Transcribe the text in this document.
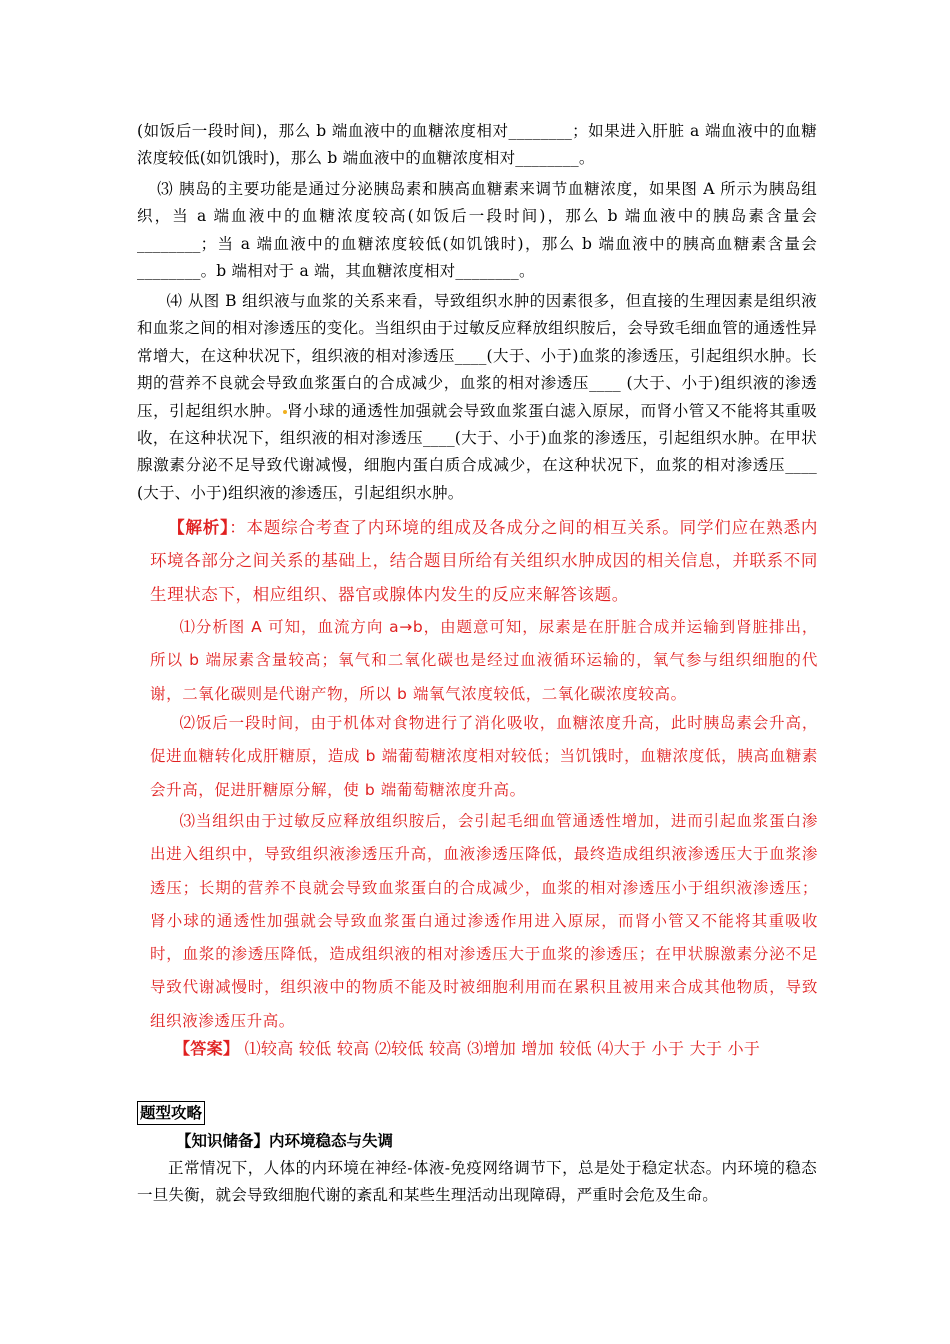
(如饭后一段时间)，那么 b 端血液中的血糖浓度相对________；如果进入肝脏 a 端血液中的血糖浓度较低(如饥饿时)，那么 b 端血液中的血糖浓度相对________。

⑶ 胰岛的主要功能是通过分泌胰岛素和胰高血糖素来调节血糖浓度，如果图 A 所示为胰岛组织，当 a 端血液中的血糖浓度较高(如饭后一段时间)，那么 b 端血液中的胰岛素含量会________；当 a 端血液中的血糖浓度较低(如饥饿时)，那么 b 端血液中的胰高血糖素含量会________。b 端相对于 a 端，其血糖浓度相对________。

⑷ 从图 B 组织液与血浆的关系来看，导致组织水肿的因素很多，但直接的生理因素是组织液和血浆之间的相对渗透压的变化。当组织由于过敏反应释放组织胺后，会导致毛细血管的通透性异常增大，在这种状况下，组织液的相对渗透压____(大于、小于)血浆的渗透压，引起组织水肿。长期的营养不良就会导致血浆蛋白的合成减少，血浆的相对渗透压____ (大于、小于)组织液的渗透压，引起组织水肿。 肾小球的通透性加强就会导致血浆蛋白滤入原尿，而肾小管又不能将其重吸收，在这种状况下，组织液的相对渗透压____(大于、小于)血浆的渗透压，引起组织水肿。在甲状腺激素分泌不足导致代谢减慢，细胞内蛋白质合成减少，在这种状况下，血浆的相对渗透压____ (大于、小于)组织液的渗透压，引起组织水肿。

【解析】：本题综合考查了内环境的组成及各成分之间的相互关系。同学们应在熟悉内环境各部分之间关系的基础上，结合题目所给有关组织水肿成因的相关信息，并联系不同生理状态下，相应组织、器官或腺体内发生的反应来解答该题。

⑴分析图 A 可知，血流方向 a→b，由题意可知，尿素是在肝脏合成并运输到肾脏排出，所以 b 端尿素含量较高；氧气和二氧化碳也是经过血液循环运输的，氧气参与组织细胞的代谢，二氧化碳则是代谢产物，所以 b 端氧气浓度较低，二氧化碳浓度较高。

⑵饭后一段时间，由于机体对食物进行了消化吸收，血糖浓度升高，此时胰岛素会升高，促进血糖转化成肝糖原，造成 b 端葡萄糖浓度相对较低；当饥饿时，血糖浓度低，胰高血糖素会升高，促进肝糖原分解，使 b 端葡萄糖浓度升高。

⑶当组织由于过敏反应释放组织胺后，会引起毛细血管通透性增加，进而引起血浆蛋白渗出进入组织中，导致组织液渗透压升高，血液渗透压降低，最终造成组织液渗透压大于血浆渗透压；长期的营养不良就会导致血浆蛋白的合成减少，血浆的相对渗透压小于组织液渗透压；肾小球的通透性加强就会导致血浆蛋白通过渗透作用进入原尿，而肾小管又不能将其重吸收时，血浆的渗透压降低，造成组织液的相对渗透压大于血浆的渗透压；在甲状腺激素分泌不足导致代谢减慢时，组织液中的物质不能及时被细胞利用而在累积且被用来合成其他物质，导致组织液渗透压升高。

【答案】 ⑴较高 较低 较高 ⑵较低 较高 ⑶增加 增加 较低 ⑷大于 小于 大于 小于

题型攻略
【知识储备】内环境稳态与失调

正常情况下，人体的内环境在神经-体液-免疫网络调节下，总是处于稳定状态。内环境的稳态一旦失衡，就会导致细胞代谢的紊乱和某些生理活动出现障碍，严重时会危及生命。
